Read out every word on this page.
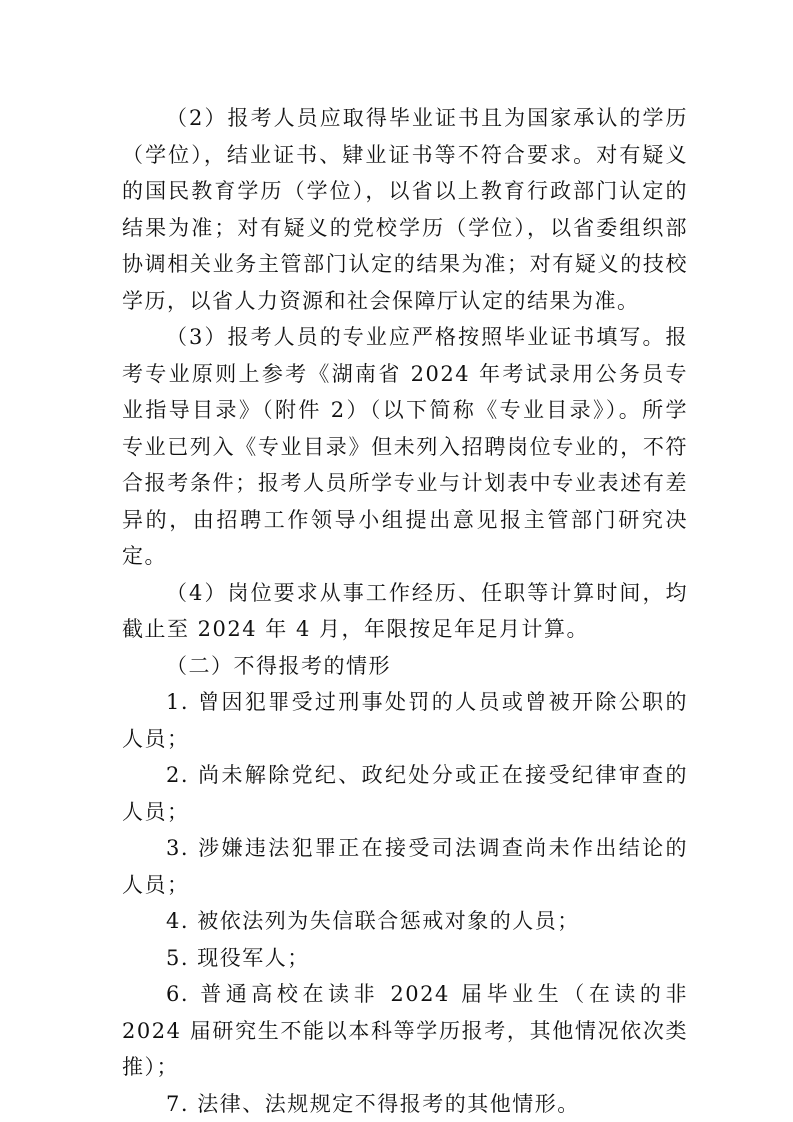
（2）报考人员应取得毕业证书且为国家承认的学历（学位），结业证书、肄业证书等不符合要求。对有疑义的国民教育学历（学位），以省以上教育行政部门认定的结果为准；对有疑义的党校学历（学位），以省委组织部协调相关业务主管部门认定的结果为准；对有疑义的技校学历，以省人力资源和社会保障厅认定的结果为准。

（3）报考人员的专业应严格按照毕业证书填写。报考专业原则上参考《湖南省 2024 年考试录用公务员专业指导目录》（附件 2）（以下简称《专业目录》）。所学专业已列入《专业目录》但未列入招聘岗位专业的，不符合报考条件；报考人员所学专业与计划表中专业表述有差异的，由招聘工作领导小组提出意见报主管部门研究决定。

（4）岗位要求从事工作经历、任职等计算时间，均截止至 2024 年 4 月，年限按足年足月计算。

（二）不得报考的情形

1. 曾因犯罪受过刑事处罚的人员或曾被开除公职的人员；

2. 尚未解除党纪、政纪处分或正在接受纪律审查的人员；

3. 涉嫌违法犯罪正在接受司法调查尚未作出结论的人员；

4. 被依法列为失信联合惩戒对象的人员；

5. 现役军人；

6. 普通高校在读非 2024 届毕业生（在读的非 2024 届研究生不能以本科等学历报考，其他情况依次类推）；

7. 法律、法规规定不得报考的其他情形。
